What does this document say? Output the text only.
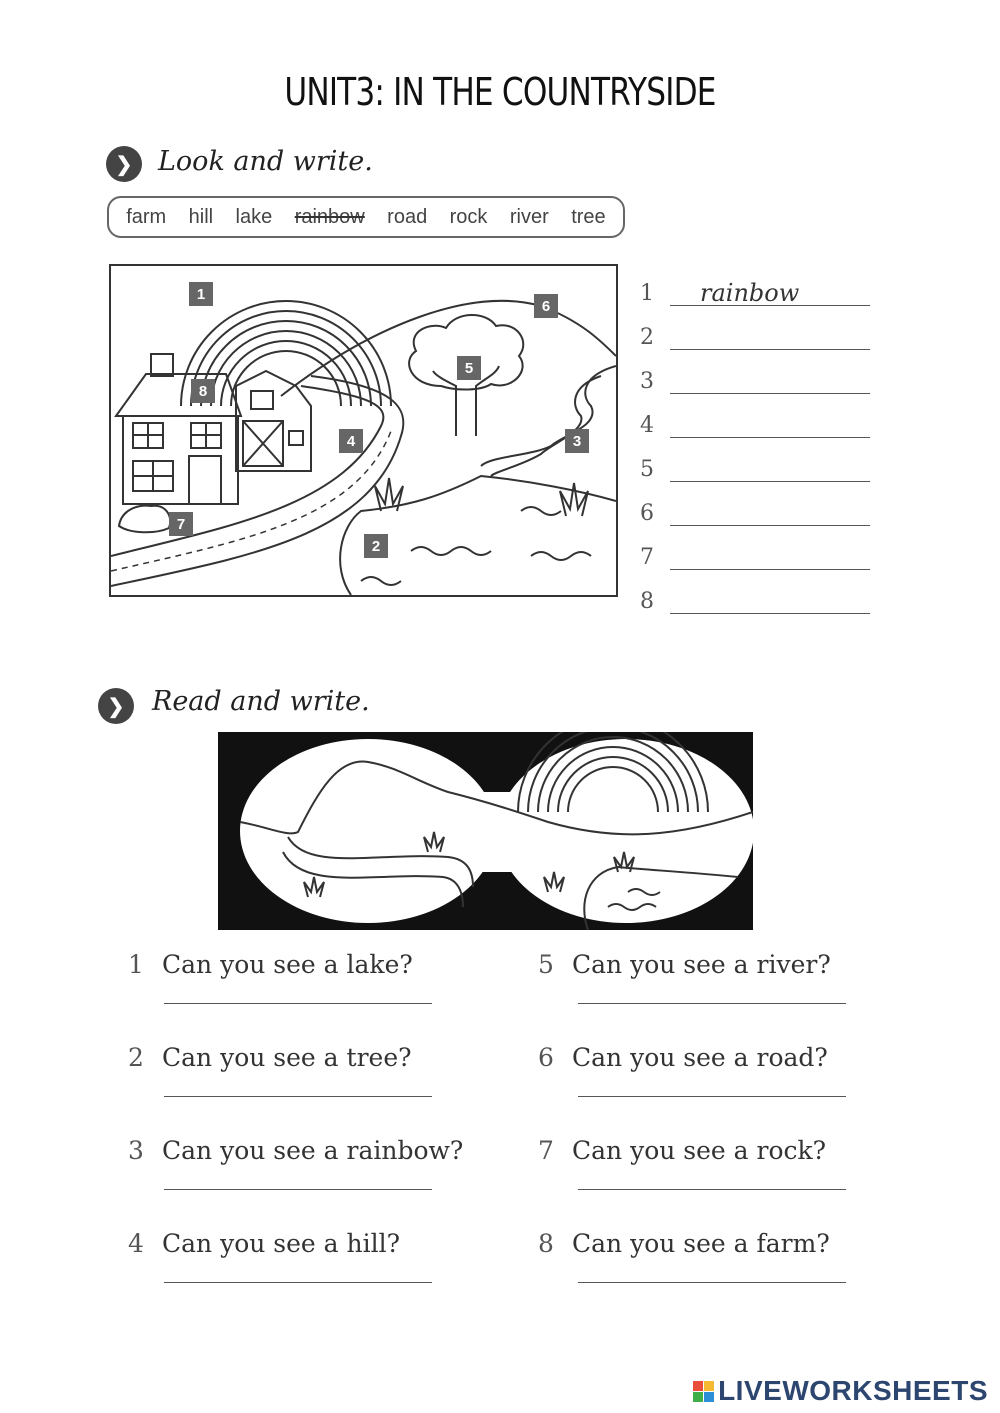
UNIT3: IN THE COUNTRYSIDE
❯ Look and write.
farm hill lake rainbow road rock river tree
1
2
3
4
5
6
7
8
1	rainbow
2
3
4
5
6
7
8
❯	Read and write.
1 Can you see a lake?
2 Can you see a tree?
3 Can you see a rainbow?
4 Can you see a hill?
5 Can you see a river?
6 Can you see a road?
7 Can you see a rock?
8 Can you see a farm?
LIVEWORKSHEETS
